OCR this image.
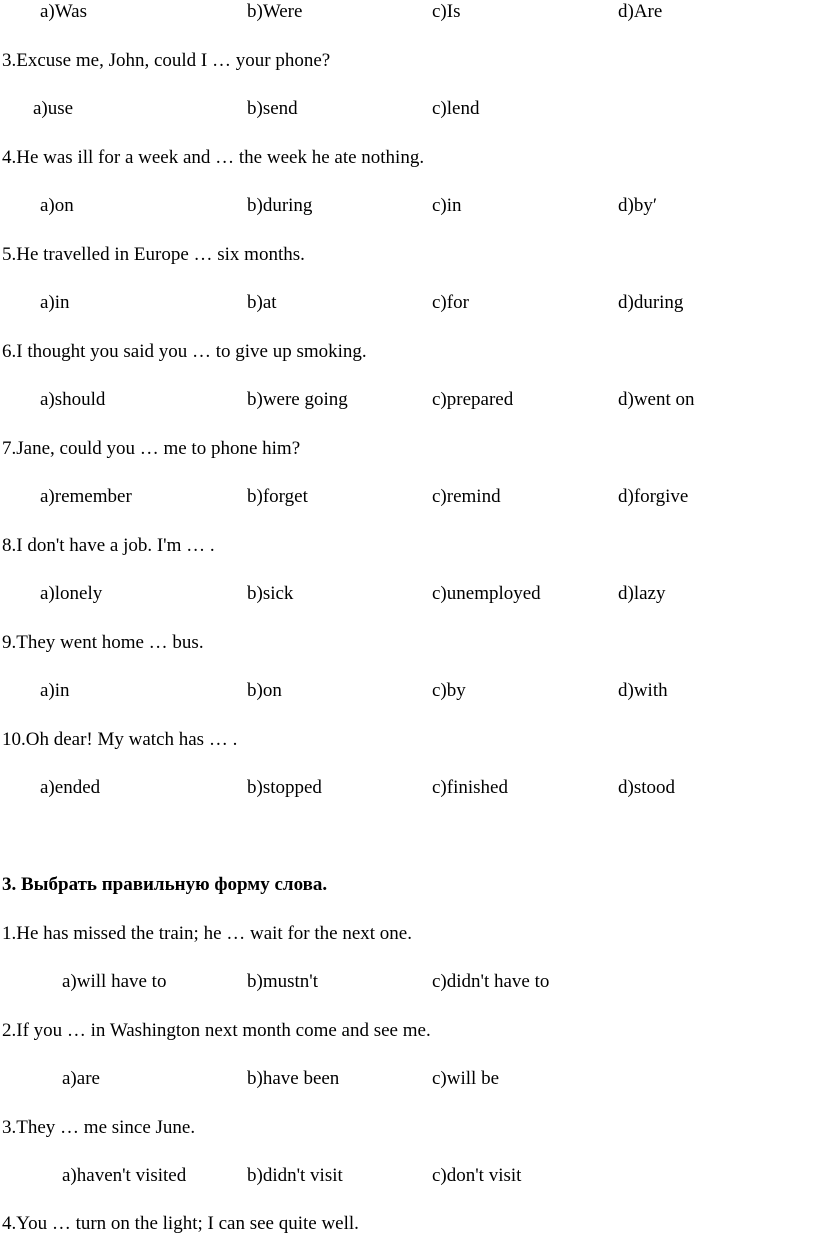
a)Was	b)Were	c)Is	d)Are
3.Excuse me, John, could I … your phone?
a)use	b)send	c)lend
4.He was ill for a week and … the week he ate nothing.
a)on	b)during	c)in	d)by′
5.He travelled in Europe … six months.
a)in	b)at	c)for	d)during
6.I thought you said you … to give up smoking.
a)should	b)were going	c)prepared	d)went on
7.Jane, could you … me to phone him?
a)remember	b)forget	c)remind	d)forgive
8.I don't have a job. I'm … .
a)lonely	b)sick	c)unemployed	d)lazy
9.They went home … bus.
a)in	b)on	c)by	d)with
10.Oh dear! My watch has … .
a)ended	b)stopped	c)finished	d)stood
3. Выбрать правильную форму слова.
1.He has missed the train; he … wait for the next one.
a)will have to	b)mustn't	c)didn't have to
2.If you … in Washington next month come and see me.
a)are	b)have been	c)will be
3.They … me since June.
a)haven't visited	b)didn't visit	c)don't visit
4.You … turn on the light; I can see quite well.
